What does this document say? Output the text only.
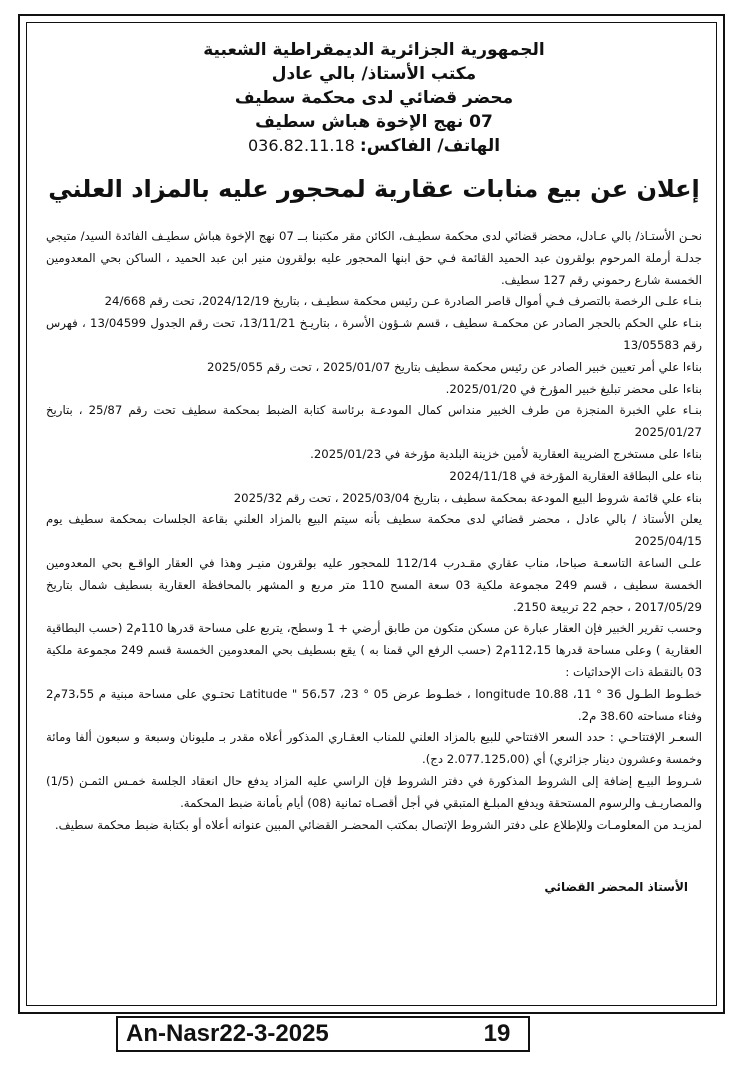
الجمهورية الجزائرية الديمقراطية الشعبية
مكتب الأستاذ/ بالي عادل
محضر قضائي لدى محكمة سطيف
07 نهج الإخوة هباش سطيف
الهاتف/ الفاكس: 036.82.11.18
إعلان عن بيع منابات عقارية لمحجور عليه بالمزاد العلني

نحـن الأستـاذ/ بالي عـادل، محضر قضائي لدى محكمة سطيـف، الكائن مقر مكتبنا بــ 07 نهج الإخوة هباش سطيـف الفائدة السيد/ متيجي جدلـة أرملة المرحوم بولقرون عبد الحميد القائمة فـي حق ابنها المحجور عليه بولقرون منير ابن عبد الحميد ، الساكن بحي المعدومين الخمسة شارع رحموني رقم 127 سطيف.

بنـاء علـى الرخصة بالتصرف فـي أموال قاصر الصادرة عـن رئيس محكمة سطيـف ، بتاريخ 2024/12/19، تحت رقم 24/668

بنـاء علي الحكم بالحجر الصادر عن محكمـة سطيف ، قسم شـؤون الأسرة ، بتاريـخ 13/11/21، تحت رقم الجدول 13/04599 ، فهرس رقم 13/05583

بناءا علي أمر تعيين خبير الصادر عن رئيس محكمة سطيف بتاريخ 2025/01/07 ، تحت رقم 2025/055

بناءا على محضر تبليغ خبير المؤرخ في 2025/01/20.

بنـاء علي الخبرة المنجزة من طرف الخبير منداس كمال المودعـة برئاسة كتابة الضبط بمحكمة سطيف تحت رقم 25/87 ، بتاريخ 2025/01/27

بناءا على مستخرج الضريبة العقارية لأمين خزينة البلدية مؤرخة في 2025/01/23.

بناء على البطاقة العقارية المؤرخة في 2024/11/18

بناء علي قائمة شروط البيع المودعة بمحكمة سطيف ، بتاريخ 2025/03/04 ، تحت رقم 2025/32

يعلن الأستاذ / بالي عادل ، محضر قضائي لدى محكمة سطيف بأنه سيتم البيع بالمزاد العلني بقاعة الجلسات بمحكمة سطيف يوم 2025/04/15

علـى الساعة التاسعـة صباحا، مناب عقاري مقـدرب 112/14 للمحجور عليه بولقرون منيـر وهذا في العقار الواقـع بحي المعدومين الخمسة سطيف ، قسم 249 مجموعة ملكية 03 سعة المسح 110 متر مربع و المشهر بالمحافظة العقارية بسطيف شمال بتاريخ 2017/05/29 ، حجم 22 تربيعة 2150.

وحسب تقرير الخبير فإن العقار عبارة عن مسكن متكون من طابق أرضي + 1 وسطح، يتربع على مساحة قدرها 110م2 (حسب البطاقية العقارية ) وعلى مساحة قدرها 112،15م2 (حسب الرفع الي قمنا به ) يقع بسطيف بحي المعدومين الخمسة قسم 249 مجموعة ملكية 03 بالنقطة ذات الإحداثيات :

خطـوط الطـول 36 ° 11، longitude 10.88 ، خطـوط عرض 05 ° 23، 56،57 " Latitude تحتـوي على مساحة مبنية م 73،55م2 وفناء مساحته 38.60 م2.

السعـر الإفتتاحـي : حدد السعر الافتتاحي للبيع بالمزاد العلني للمناب العقـاري المذكور أعلاه مقدر بـ مليونان وسبعة و سبعون ألفا ومائة وخمسة وعشرون دينار جزائري) أي (2.077.125،00 دج).

شـروط البيـع إضافة إلى الشروط المذكورة في دفتر الشروط فإن الراسي عليه المزاد يدفع حال انعقاد الجلسة خمـس الثمـن (1/5) والمصاريـف والرسوم المستحقة ويدفع المبلـغ المتبقي في أجل أقصـاه ثمانية (08) أيام بأمانة ضبط المحكمة.

لمزيـد من المعلومـات وللإطلاع على دفتر الشروط الإتصال بمكتب المحضـر القضائي المبين عنوانه أعلاه أو بكتابة ضبط محكمة سطيف.

الأستاذ المحضر القضائي
An-Nasr22-3-2025	19
